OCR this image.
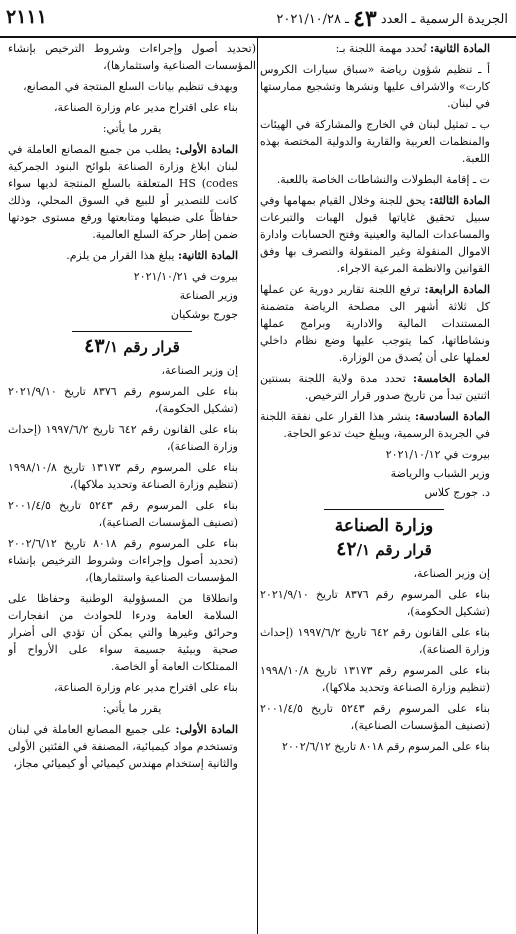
الجريدة الرسمية ـ العدد ٤٣ ـ ٢٠٢١/١٠/٢٨
٢١١١

المادة الثانية: تُحدد مهمة اللجنة بـ:

أ ـ تنظيم شؤون رياضة «سباق سيارات الكروس كارت» والاشراف عليها ونشرها وتشجيع ممارستها في لبنان.

ب ـ تمثيل لبنان في الخارج والمشاركة في الهيئات والمنظمات العربية والقارية والدولية المختصة بهذه اللعبة.

ت ـ إقامة البطولات والنشاطات الخاصة باللعبة.

المادة الثالثة: يحق للجنة وخلال القيام بمهامها وفي سبيل تحقيق غاياتها قبول الهبات والتبرعات والمساعدات المالية والعينية وفتح الحسابات وادارة الاموال المنقولة وغير المنقولة والتصرف بها وفق القوانين والانظمة المرعية الاجراء.

المادة الرابعة: ترفع اللجنة تقارير دورية عن عملها كل ثلاثة أشهر الى مصلحة الرياضة متضمنة المستندات المالية والادارية وبرامج عملها ونشاطاتها، كما يتوجب عليها وضع نظام داخلي لعملها على أن يُصدق من الوزارة.

المادة الخامسة: تحدد مدة ولاية اللجنة بسنتين اثنتين تبدأ من تاريخ صدور قرار الترخيص.

المادة السادسة: ينشر هذا القرار على نفقة اللجنة في الجريدة الرسمية، ويبلغ حيث تدعو الحاجة.

بيروت في ٢٠٢١/١٠/١٢

وزير الشباب والرياضة

د. جورج كلاس

وزارة الصناعة
قرار رقم ٤٢/١

إن وزير الصناعة،

بناء على المرسوم رقم ٨٣٧٦ تاريخ ٢٠٢١/٩/١٠ (تشكيل الحكومة)،

بناء على القانون رقم ٦٤٢ تاريخ ١٩٩٧/٦/٢ (إحداث وزارة الصناعة)،

بناء على المرسوم رقم ١٣١٧٣ تاريخ ١٩٩٨/١٠/٨ (تنظيم وزارة الصناعة وتحديد ملاكها)،

بناء على المرسوم رقم ٥٢٤٣ تاريخ ٢٠٠١/٤/٥ (تصنيف المؤسسات الصناعية)،

بناء على المرسوم رقم ٨٠١٨ تاريخ ٢٠٠٢/٦/١٢

(تحديد أصول وإجراءات وشروط الترخيص بإنشاء المؤسسات الصناعية واستثمارها)،

وبهدف تنظيم بيانات السلع المنتجة في المصانع،

بناء على اقتراح مدير عام وزارة الصناعة،

يقرر ما يأتي:

المادة الأولى: يطلب من جميع المصانع العاملة في لبنان ابلاغ وزارة الصناعة بلوائح البنود الجمركية HS (codes المتعلقة بالسلع المنتجة لديها سواء كانت للتصدير أو للبيع في السوق المحلي، وذلك حفاظاً على ضبطها ومتابعتها ورفع مستوى جودتها ضمن إطار حركة السلع العالمية.

المادة الثانية: يبلغ هذا القرار من يلزم.

بيروت في ٢٠٢١/١٠/٢١

وزير الصناعة

جورج بوشكيان

قرار رقم ٤٣/١

إن وزير الصناعة،

بناء على المرسوم رقم ٨٣٧٦ تاريخ ٢٠٢١/٩/١٠ (تشكيل الحكومة)،

بناء على القانون رقم ٦٤٢ تاريخ ١٩٩٧/٦/٢ (إحداث وزارة الصناعة)،

بناء على المرسوم رقم ١٣١٧٣ تاريخ ١٩٩٨/١٠/٨ (تنظيم وزارة الصناعة وتحديد ملاكها)،

بناء على المرسوم رقم ٥٢٤٣ تاريخ ٢٠٠١/٤/٥ (تصنيف المؤسسات الصناعية)،

بناء على المرسوم رقم ٨٠١٨ تاريخ ٢٠٠٢/٦/١٢ (تحديد أصول وإجراءات وشروط الترخيص بإنشاء المؤسسات الصناعية واستثمارها)،

وانطلاقا من المسؤولية الوطنية وحفاظا على السلامة العامة ودرءا للحوادث من انفجارات وحرائق وغيرها والتي يمكن أن تؤدي الى أضرار صحية وبيئية جسيمة سواء على الأرواح أو الممتلكات العامة أو الخاصة.

بناء على اقتراح مدير عام وزارة الصناعة،

يقرر ما يأتي:

المادة الأولى: على جميع المصانع العاملة في لبنان وتستخدم مواد كيميائية، المصنفة في الفئتين الأولى والثانية إستخدام مهندس كيميائي أو كيميائي مجاز،
